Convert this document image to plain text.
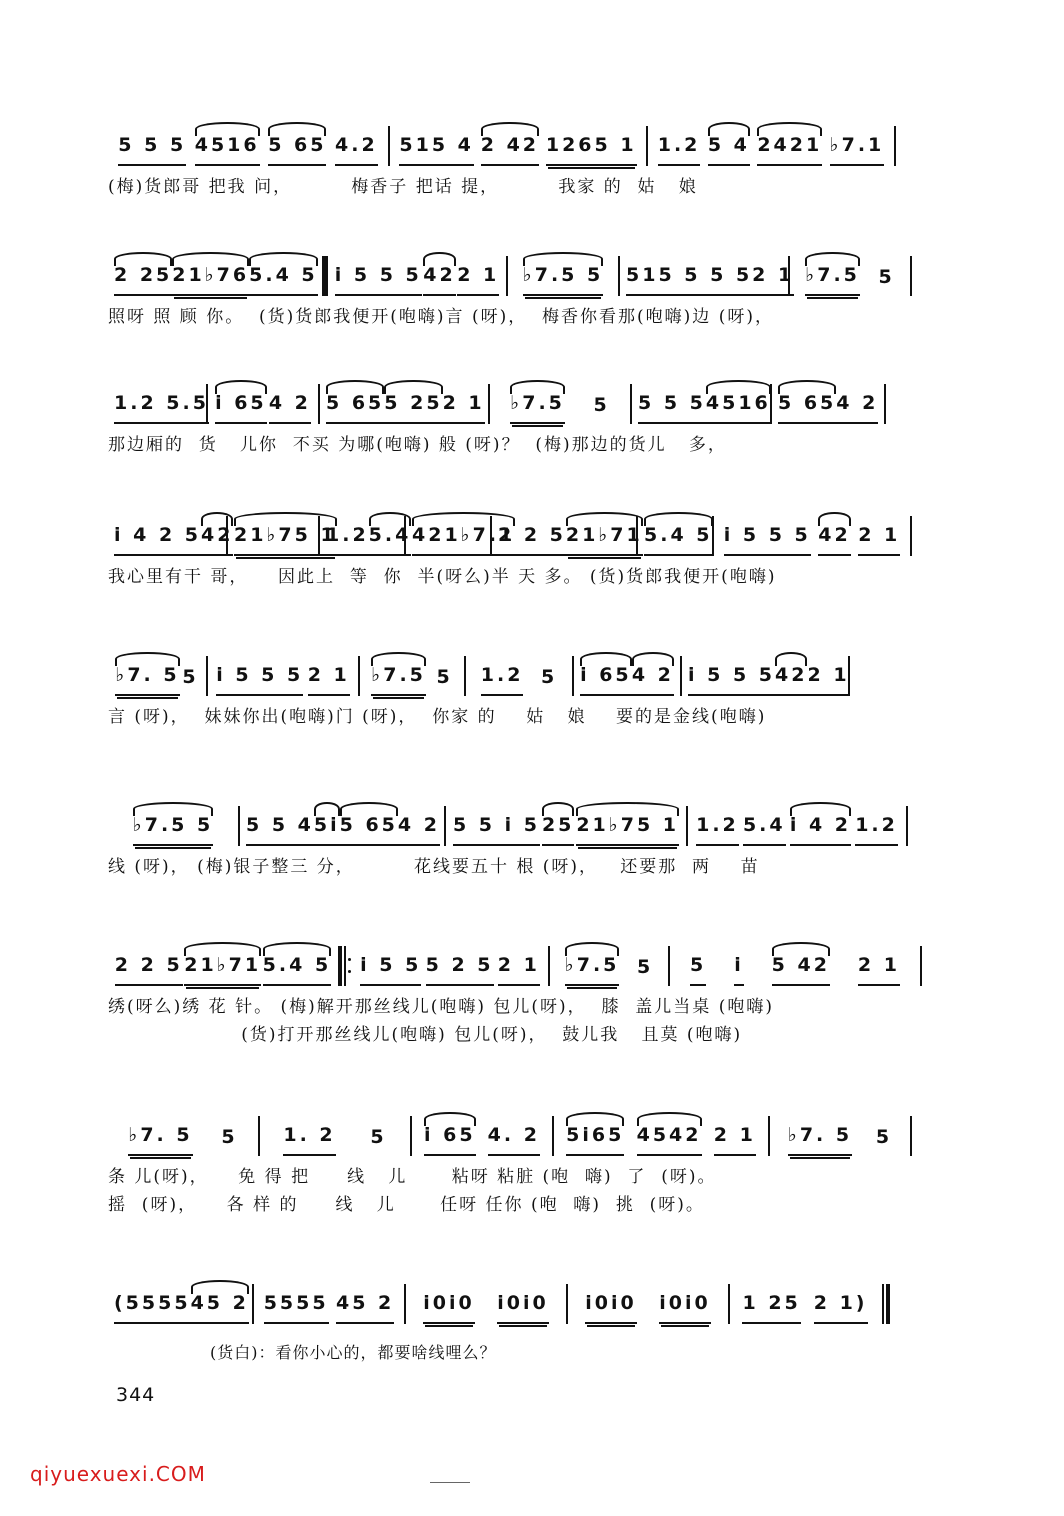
5 5 5 4516 5 65 4.2 515 4 2 42 1265 1 1.2 5 4 2421 ♭7.1
(梅)货郎哥 把我 问，        梅香子 把话 提，        我家 的  姑   娘
2 25 21♭76 5.4 5 i 5 5 5 42 2 1 ♭7.5 5 515 5 5 5 2 1 ♭7.5 5
照呀 照 顾 你。  (货)货郎我便开(咆嗨)言 (呀)，  梅香你看那(咆嗨)边 (呀)，
1.2 5.5 i 65 4 2 5 65 5 25 2 1 ♭7.5 5 5 5 5 4516 5 65 4 2
那边厢的  货   儿你  不买 为哪(咆嗨) 般 (呀)？  (梅)那边的货儿   多，
i 4 2 5 42 21♭75 1
1.2 5.4 421♭7.1
2 2 5 21♭71 5.4 5 i 5 5 5 42 2 1
我心里有干 哥，    因此上  等  你  半(呀么)半 天 多。 (货)货郎我便开(咆嗨)
♭7. 5 5 i 5 5 5 2 1 ♭7.5 5 1.2 5 i 65 4 2 i 5 5 5 42 2 1
言 (呀)，  妹妹你出(咆嗨)门 (呀)，  你家 的    姑   娘    要的是金线(咆嗨)
♭7.5 5 5 5 4 5i 5 65 4 2 5 5 i 5 25 21♭75 1 1.2 5.4 i 4 2 1.2
线 (呀)， (梅)银子整三 分，        花线要五十 根 (呀)，   还要那  两    苗
2 2 5 21♭71 5.4 5 i 5 5 5 2 5 2 1 ♭7.5 5 5 i 5 42 2 1
绣(呀么)绣 花 针。 (梅)解开那丝线儿(咆嗨) 包儿(呀)，  膝  盖儿当桌 (咆嗨)
(货)打开那丝线儿(咆嗨) 包儿(呀)，  鼓儿我   且莫 (咆嗨)
♭7. 5 5 1. 2 5 i 65 4. 2 5i65 4542 2 1 ♭7. 5 5
条 儿(呀)，    免 得 把     线   儿      粘呀 粘脏 (咆  嗨)  了  (呀)。
摇  (呀)，    各 样 的     线   儿      任呀 任你 (咆  嗨)  挑  (呀)。
(5555 45 2 5555 45 2 i0i0 i0i0 i0i0 i0i0 1 25 2 1)
(货白)：看你小心的，都要啥线哩么？
344
qiyuexuexi.COM
